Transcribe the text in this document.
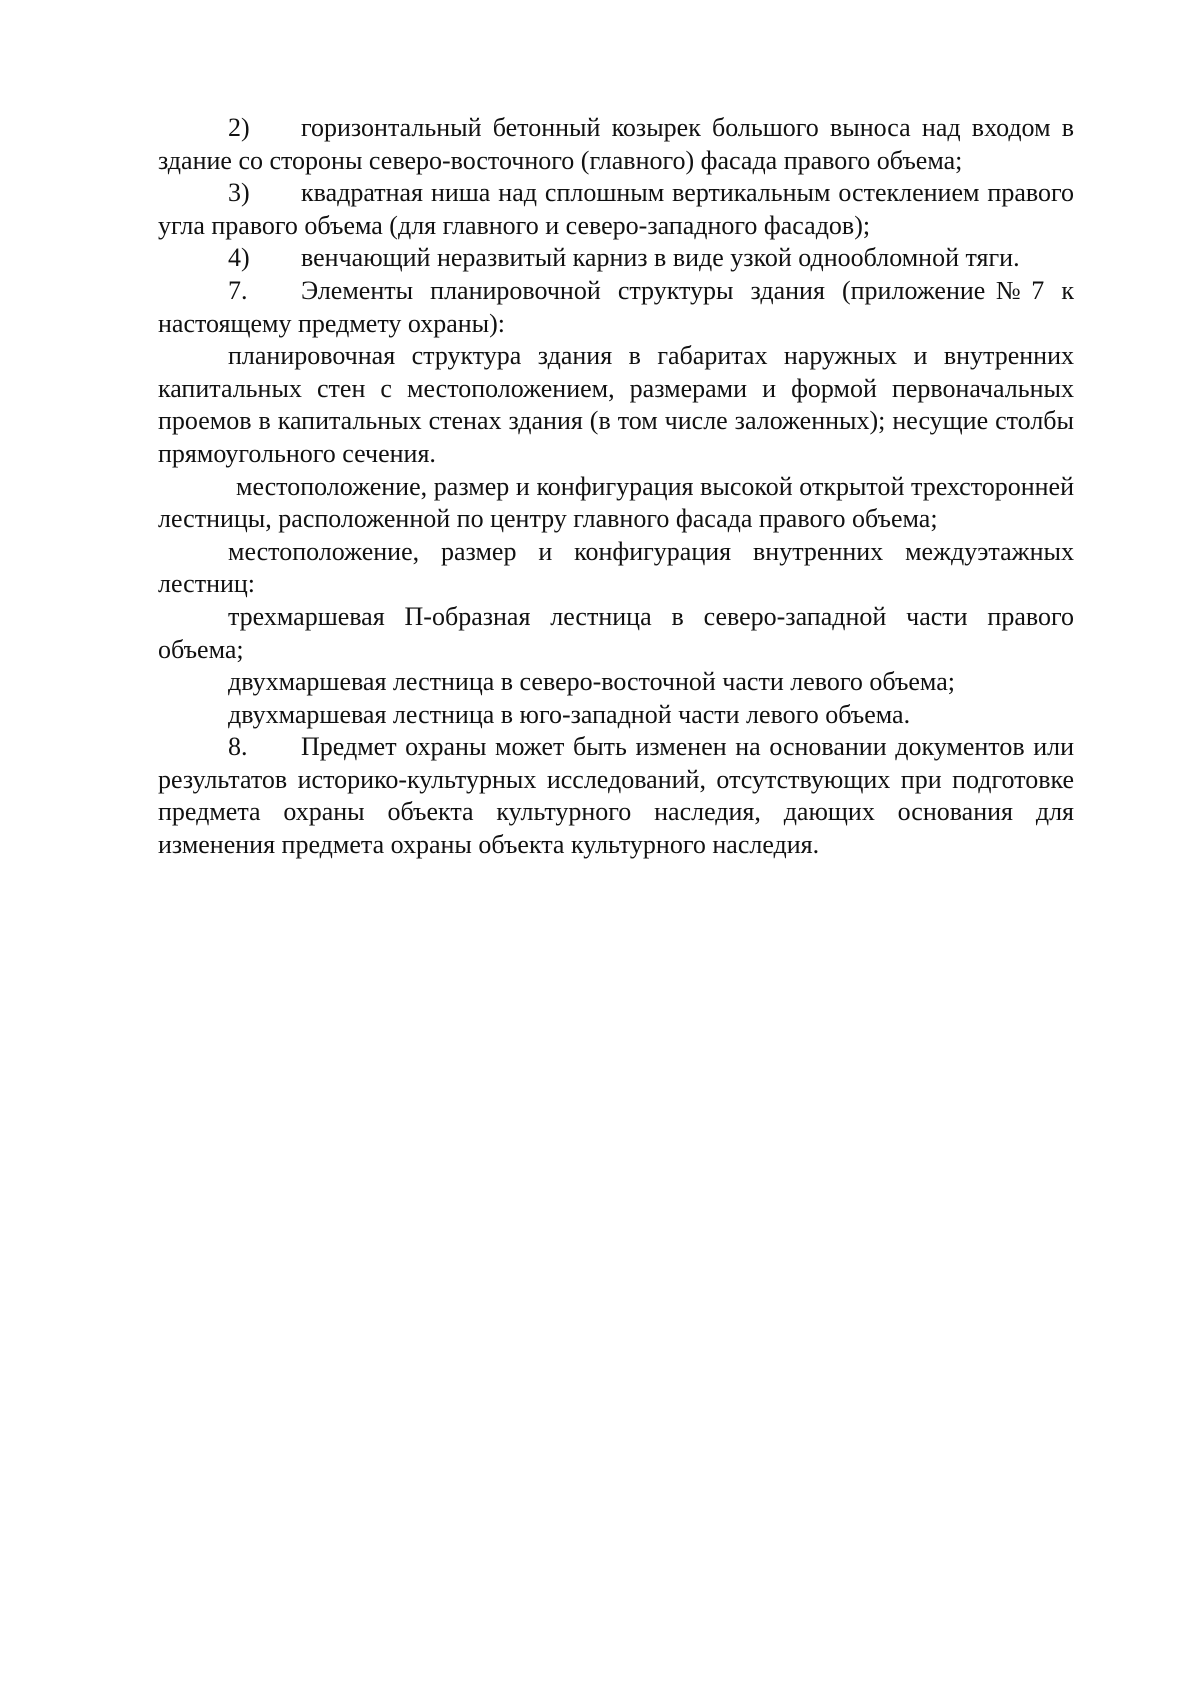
2) горизонтальный бетонный козырек большого выноса над входом в здание со стороны северо-восточного (главного) фасада правого объема;

3) квадратная ниша над сплошным вертикальным остеклением правого угла правого объема (для главного и северо-западного фасадов);

4) венчающий неразвитый карниз в виде узкой однообломной тяги.

7. Элементы планировочной структуры здания (приложение№7 к настоящему предмету охраны):

планировочная структура здания в габаритах наружных и внутренних капитальных стен с местоположением, размерами и формой первоначальных проемов в капитальных стенах здания (в том числе заложенных); несущие столбы прямоугольного сечения.

местоположение, размер и конфигурация высокой открытой трехсторонней лестницы, расположенной по центру главного фасада правого объема;

местоположение, размер и конфигурация внутренних междуэтажных лестниц:

трехмаршевая П-образная лестница в северо-западной части правого объема;

двухмаршевая лестница в северо-восточной части левого объема;

двухмаршевая лестница в юго-западной части левого объема.

8. Предмет охраны может быть изменен на основании документов или результатов историко-культурных исследований, отсутствующих при подготовке предмета охраны объекта культурного наследия, дающих основания для изменения предмета охраны объекта культурного наследия.
